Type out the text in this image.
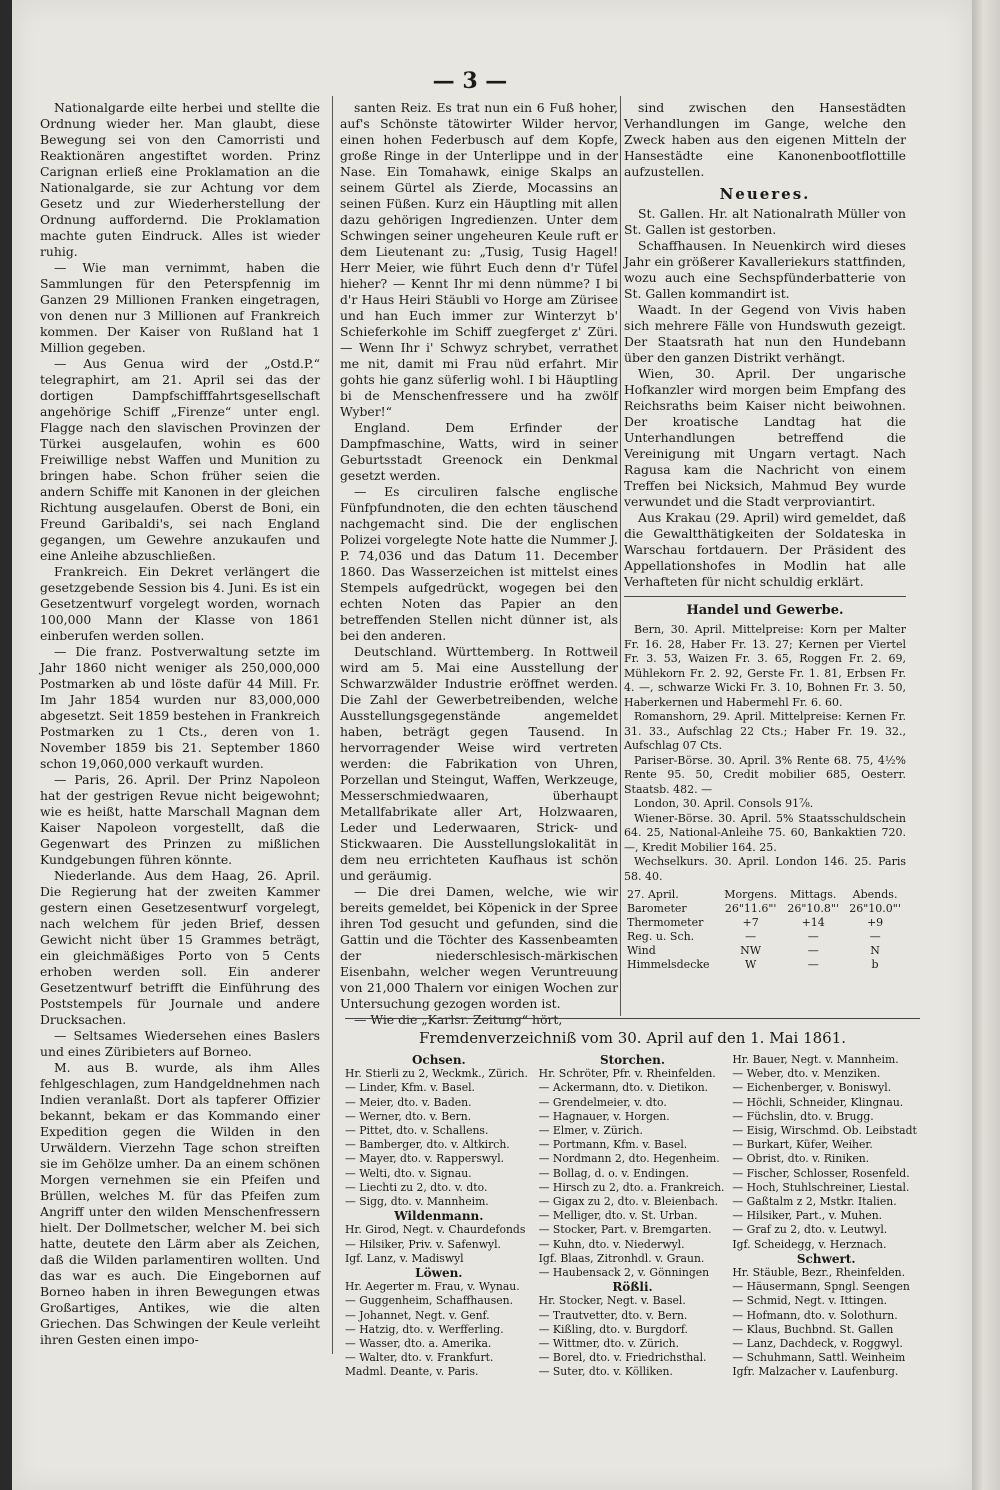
— 3 —

Nationalgarde eilte herbei und stellte die Ordnung wieder her. Man glaubt, diese Bewegung sei von den Camorristi und Reaktionären angestiftet worden. Prinz Carignan erließ eine Proklamation an die Nationalgarde, sie zur Achtung vor dem Gesetz und zur Wiederherstellung der Ordnung auffordernd. Die Proklamation machte guten Eindruck. Alles ist wieder ruhig.

— Wie man vernimmt, haben die Sammlungen für den Peterspfennig im Ganzen 29 Millionen Franken eingetragen, von denen nur 3 Millionen auf Frankreich kommen. Der Kaiser von Rußland hat 1 Million gegeben.

— Aus Genua wird der „Ostd.P.“ telegraphirt, am 21. April sei das der dortigen Dampfschifffahrtsgesellschaft angehörige Schiff „Firenze“ unter engl. Flagge nach den slavischen Provinzen der Türkei ausgelaufen, wohin es 600 Freiwillige nebst Waffen und Munition zu bringen habe. Schon früher seien die andern Schiffe mit Kanonen in der gleichen Richtung ausgelaufen. Oberst de Boni, ein Freund Garibaldi's, sei nach England gegangen, um Gewehre anzukaufen und eine Anleihe abzuschließen.

Frankreich. Ein Dekret verlängert die gesetzgebende Session bis 4. Juni. Es ist ein Gesetzentwurf vorgelegt worden, wornach 100,000 Mann der Klasse von 1861 einberufen werden sollen.

— Die franz. Postverwaltung setzte im Jahr 1860 nicht weniger als 250,000,000 Postmarken ab und löste dafür 44 Mill. Fr. Im Jahr 1854 wurden nur 83,000,000 abgesetzt. Seit 1859 bestehen in Frankreich Postmarken zu 1 Cts., deren von 1. November 1859 bis 21. September 1860 schon 19,060,000 verkauft wurden.

— Paris, 26. April. Der Prinz Napoleon hat der gestrigen Revue nicht beigewohnt; wie es heißt, hatte Marschall Magnan dem Kaiser Napoleon vorgestellt, daß die Gegenwart des Prinzen zu mißlichen Kundgebungen führen könnte.

Niederlande. Aus dem Haag, 26. April. Die Regierung hat der zweiten Kammer gestern einen Gesetzesentwurf vorgelegt, nach welchem für jeden Brief, dessen Gewicht nicht über 15 Grammes beträgt, ein gleichmäßiges Porto von 5 Cents erhoben werden soll. Ein anderer Gesetzentwurf betrifft die Einführung des Poststempels für Journale und andere Drucksachen.

— Seltsames Wiedersehen eines Baslers und eines Züribieters auf Borneo.

M. aus B. wurde, als ihm Alles fehlgeschlagen, zum Handgeldnehmen nach Indien veranlaßt. Dort als tapferer Offizier bekannt, bekam er das Kommando einer Expedition gegen die Wilden in den Urwäldern. Vierzehn Tage schon streiften sie im Gehölze umher. Da an einem schönen Morgen vernehmen sie ein Pfeifen und Brüllen, welches M. für das Pfeifen zum Angriff unter den wilden Menschenfressern hielt. Der Dollmetscher, welcher M. bei sich hatte, deutete den Lärm aber als Zeichen, daß die Wilden parlamentiren wollten. Und das war es auch. Die Eingebornen auf Borneo haben in ihren Bewegungen etwas Großartiges, Antikes, wie die alten Griechen. Das Schwingen der Keule verleiht ihren Gesten einen impo-

santen Reiz. Es trat nun ein 6 Fuß hoher, auf's Schönste tätowirter Wilder hervor, einen hohen Federbusch auf dem Kopfe, große Ringe in der Unterlippe und in der Nase. Ein Tomahawk, einige Skalps an seinem Gürtel als Zierde, Mocassins an seinen Füßen. Kurz ein Häuptling mit allen dazu gehörigen Ingredienzen. Unter dem Schwingen seiner ungeheuren Keule ruft er dem Lieutenant zu: „Tusig, Tusig Hagel! Herr Meier, wie führt Euch denn d'r Tüfel hieher? — Kennt Ihr mi denn nümme? I bi d'r Haus Heiri Stäubli vo Horge am Zürisee und han Euch immer zur Winterzyt b' Schieferkohle im Schiff zuegferget z' Züri. — Wenn Ihr i' Schwyz schrybet, verrathet me nit, damit mi Frau nüd erfahrt. Mir gohts hie ganz süferlig wohl. I bi Häuptling bi de Menschenfressere und ha zwölf Wyber!“

England. Dem Erfinder der Dampfmaschine, Watts, wird in seiner Geburtsstadt Greenock ein Denkmal gesetzt werden.

— Es circuliren falsche englische Fünfpfundnoten, die den echten täuschend nachgemacht sind. Die der englischen Polizei vorgelegte Note hatte die Nummer J. P. 74,036 und das Datum 11. December 1860. Das Wasserzeichen ist mittelst eines Stempels aufgedrückt, wogegen bei den echten Noten das Papier an den betreffenden Stellen nicht dünner ist, als bei den anderen.

Deutschland. Württemberg. In Rottweil wird am 5. Mai eine Ausstellung der Schwarzwälder Industrie eröffnet werden. Die Zahl der Gewerbetreibenden, welche Ausstellungsgegenstände angemeldet haben, beträgt gegen Tausend. In hervorragender Weise wird vertreten werden: die Fabrikation von Uhren, Porzellan und Steingut, Waffen, Werkzeuge, Messerschmiedwaaren, überhaupt Metallfabrikate aller Art, Holzwaaren, Leder und Lederwaaren, Strick- und Stickwaaren. Die Ausstellungslokalität in dem neu errichteten Kaufhaus ist schön und geräumig.

— Die drei Damen, welche, wie wir bereits gemeldet, bei Köpenick in der Spree ihren Tod gesucht und gefunden, sind die Gattin und die Töchter des Kassenbeamten der niederschlesisch-märkischen Eisenbahn, welcher wegen Veruntreuung von 21,000 Thalern vor einigen Wochen zur Untersuchung gezogen worden ist.

— Wie die „Karlsr. Zeitung“ hört,

sind zwischen den Hansestädten Verhandlungen im Gange, welche den Zweck haben aus den eigenen Mitteln der Hansestädte eine Kanonenbootflottille aufzustellen.

Neueres.

St. Gallen. Hr. alt Nationalrath Müller von St. Gallen ist gestorben.

Schaffhausen. In Neuenkirch wird dieses Jahr ein größerer Kavalleriekurs stattfinden, wozu auch eine Sechspfünderbatterie von St. Gallen kommandirt ist.

Waadt. In der Gegend von Vivis haben sich mehrere Fälle von Hundswuth gezeigt. Der Staatsrath hat nun den Hundebann über den ganzen Distrikt verhängt.

Wien, 30. April. Der ungarische Hofkanzler wird morgen beim Empfang des Reichsraths beim Kaiser nicht beiwohnen. Der kroatische Landtag hat die Unterhandlungen betreffend die Vereinigung mit Ungarn vertagt. Nach Ragusa kam die Nachricht von einem Treffen bei Nicksich, Mahmud Bey wurde verwundet und die Stadt verproviantirt.

Aus Krakau (29. April) wird gemeldet, daß die Gewaltthätigkeiten der Soldateska in Warschau fortdauern. Der Präsident des Appellationshofes in Modlin hat alle Verhafteten für nicht schuldig erklärt.

Handel und Gewerbe.

Bern, 30. April. Mittelpreise: Korn per Malter Fr. 16. 28, Haber Fr. 13. 27; Kernen per Viertel Fr. 3. 53, Waizen Fr. 3. 65, Roggen Fr. 2. 69, Mühlekorn Fr. 2. 92, Gerste Fr. 1. 81, Erbsen Fr. 4. —, schwarze Wicki Fr. 3. 10, Bohnen Fr. 3. 50, Haberkernen und Habermehl Fr. 6. 60.

Romanshorn, 29. April. Mittelpreise: Kernen Fr. 31. 33., Aufschlag 22 Cts.; Haber Fr. 19. 32., Aufschlag 07 Cts.

Pariser-Börse. 30. April. 3% Rente 68. 75, 4½% Rente 95. 50, Credit mobilier 685, Oesterr. Staatsb. 482. —

London, 30. April. Consols 91⅞.

Wiener-Börse. 30. April. 5% Staatsschuldschein 64. 25, National-Anleihe 75. 60, Bankaktien 720. —, Kredit Mobilier 164. 25.

Wechselkurs. 30. April. London 146. 25. Paris 58. 40.

27. April.	Morgens.	Mittags.	Abends.
Barometer	26"11.6"'	26"10.8"'	26"10.0"'
Thermometer	+7	+14	+9
Reg. u. Sch.	—	—	—
Wind	NW	—	N
Himmelsdecke	W	—	b
Fremdenverzeichniß vom 30. April auf den 1. Mai 1861.
Ochsen.
Hr. Stierli zu 2, Weckmk., Zürich.
— Linder, Kfm. v. Basel.
— Meier, dto. v. Baden.
— Werner, dto. v. Bern.
— Pittet, dto. v. Schallens.
— Bamberger, dto. v. Altkirch.
— Mayer, dto. v. Rapperswyl.
— Welti, dto. v. Signau.
— Liechti zu 2, dto. v. dto.
— Sigg, dto. v. Mannheim.
Wildenmann.
Hr. Girod, Negt. v. Chaurdefonds
— Hilsiker, Priv. v. Safenwyl.
Igf. Lanz, v. Madiswyl
Löwen.
Hr. Aegerter m. Frau, v. Wynau.
— Guggenheim, Schaffhausen.
— Johannet, Negt. v. Genf.
— Hatzig, dto. v. Werfferling.
— Wasser, dto. a. Amerika.
— Walter, dto. v. Frankfurt.
Madml. Deante, v. Paris.
Storchen.
Hr. Schröter, Pfr. v. Rheinfelden.
— Ackermann, dto. v. Dietikon.
— Grendelmeier, v. dto.
— Hagnauer, v. Horgen.
— Elmer, v. Zürich.
— Portmann, Kfm. v. Basel.
— Nordmann 2, dto. Hegenheim.
— Bollag, d. o. v. Endingen.
— Hirsch zu 2, dto. a. Frankreich.
— Gigax zu 2, dto. v. Bleienbach.
— Melliger, dto. v. St. Urban.
— Stocker, Part. v. Bremgarten.
— Kuhn, dto. v. Niederwyl.
Igf. Blaas, Zitronhdl. v. Graun.
— Haubensack 2, v. Gönningen
Rößli.
Hr. Stocker, Negt. v. Basel.
— Trautvetter, dto. v. Bern.
— Kißling, dto. v. Burgdorf.
— Wittmer, dto. v. Zürich.
— Borel, dto. v. Friedrichsthal.
— Suter, dto. v. Kölliken.
Hr. Bauer, Negt. v. Mannheim.
— Weber, dto. v. Menziken.
— Eichenberger, v. Boniswyl.
— Höchli, Schneider, Klingnau.
— Füchslin, dto. v. Brugg.
— Eisig, Wirschmd. Ob. Leibstadt
— Burkart, Küfer, Weiher.
— Obrist, dto. v. Riniken.
— Fischer, Schlosser, Rosenfeld.
— Hoch, Stuhlschreiner, Liestal.
— Gaßtalm z 2, Mstkr. Italien.
— Hilsiker, Part., v. Muhen.
— Graf zu 2, dto. v. Leutwyl.
Igf. Scheidegg, v. Herznach.
Schwert.
Hr. Stäuble, Bezr., Rheinfelden.
— Häusermann, Spngl. Seengen
— Schmid, Negt. v. Ittingen.
— Hofmann, dto. v. Solothurn.
— Klaus, Buchbnd. St. Gallen
— Lanz, Dachdeck, v. Roggwyl.
— Schuhmann, Sattl. Weinheim
Igfr. Malzacher v. Laufenburg.
